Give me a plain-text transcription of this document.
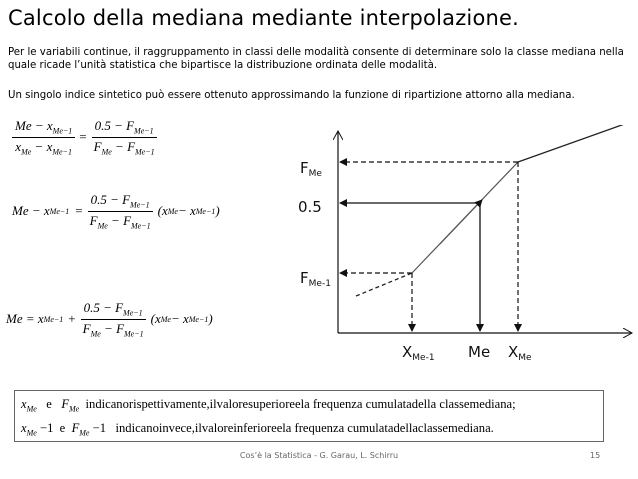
Calcolo della mediana mediante interpolazione.
Per le variabili continue, il raggruppamento in classi delle modalità consente di determinare solo la classe mediana nella quale ricade l’unità statistica che bipartisce la distribuzione ordinata delle modalità.
Un singolo indice sintetico può essere ottenuto approssimando la funzione di ripartizione attorno alla mediana.
$\frac{Me - x_{Me-1}}{x_{Me} - x_{Me-1}} = \frac{0.5 - F_{Me-1}}{F_{Me} - F_{Me-1}}$
Me − x $Me-1 = \frac{0.5 - F_{Me-1}}{F_{Me} - F_{Me-1}} (x$ Me − x Me−1 )
Me = x $Me-1 + \frac{0.5 - F_{Me-1}}{F_{Me} - F_{Me-1}} (x$ Me − x Me−1 )
$F_{Me}$
0.5
$F_{Me-1}$
$X_{Me-1}$ Me $X_{Me}$
$x_{Me}$ e $F_{Me}$ indicanorispettivamente,ilvaloresuperioreela frequenza cumulatadella classemediana;
$x_{Me} -1$ e $F_{Me} -1$ indicanoinvece,ilvaloreinferioreela frequenza cumulatadellaclassemediana.
Cos’è la Statistica - G. Garau, L. Schirru	15
